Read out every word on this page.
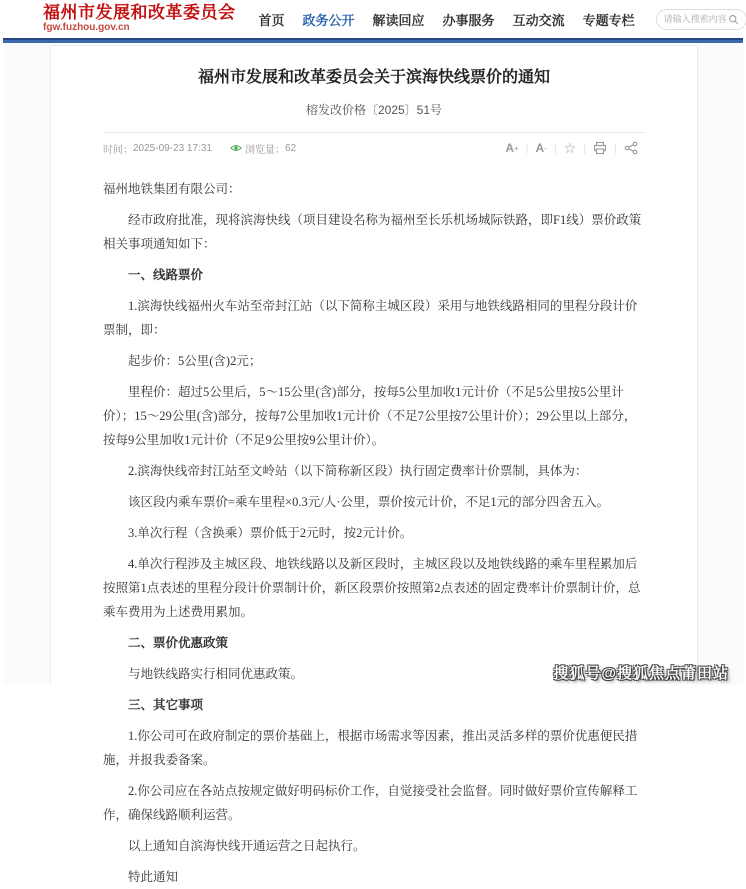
福州市发展和改革委员会
fgw.fuzhou.gov.cn
首页	政务公开	解读回应	办事服务	互动交流	专题专栏
请输入搜索内容
福州市发展和改革委员会关于滨海快线票价的通知
榕发改价格〔2025〕51号
时间： 2025-09-23 17:31	浏览量： 62	A + | A - | ☆ |	|

福州地铁集团有限公司：

经市政府批准，现将滨海快线（项目建设名称为福州至长乐机场城际铁路，即F1线）票价政策相关事项通知如下：

一、线路票价

1.滨海快线福州火车站至帝封江站（以下简称主城区段）采用与地铁线路相同的里程分段计价票制，即：

起步价：5公里(含)2元；

里程价：超过5公里后，5～15公里(含)部分，按每5公里加收1元计价（不足5公里按5公里计价）；15～29公里(含)部分，按每7公里加收1元计价（不足7公里按7公里计价）；29公里以上部分，按每9公里加收1元计价（不足9公里按9公里计价）。

2.滨海快线帝封江站至文岭站（以下简称新区段）执行固定费率计价票制，具体为：

该区段内乘车票价=乘车里程×0.3元/人·公里，票价按元计价，不足1元的部分四舍五入。

3.单次行程（含换乘）票价低于2元时，按2元计价。

4.单次行程涉及主城区段、地铁线路以及新区段时，主城区段以及地铁线路的乘车里程累加后按照第1点表述的里程分段计价票制计价，新区段票价按照第2点表述的固定费率计价票制计价，总乘车费用为上述费用累加。

二、票价优惠政策

与地铁线路实行相同优惠政策。

三、其它事项

1.你公司可在政府制定的票价基础上，根据市场需求等因素，推出灵活多样的票价优惠便民措施，并报我委备案。

2.你公司应在各站点按规定做好明码标价工作，自觉接受社会监督。同时做好票价宣传解释工作，确保线路顺利运营。

以上通知自滨海快线开通运营之日起执行。

特此通知

搜狐号@搜狐焦点莆田站
